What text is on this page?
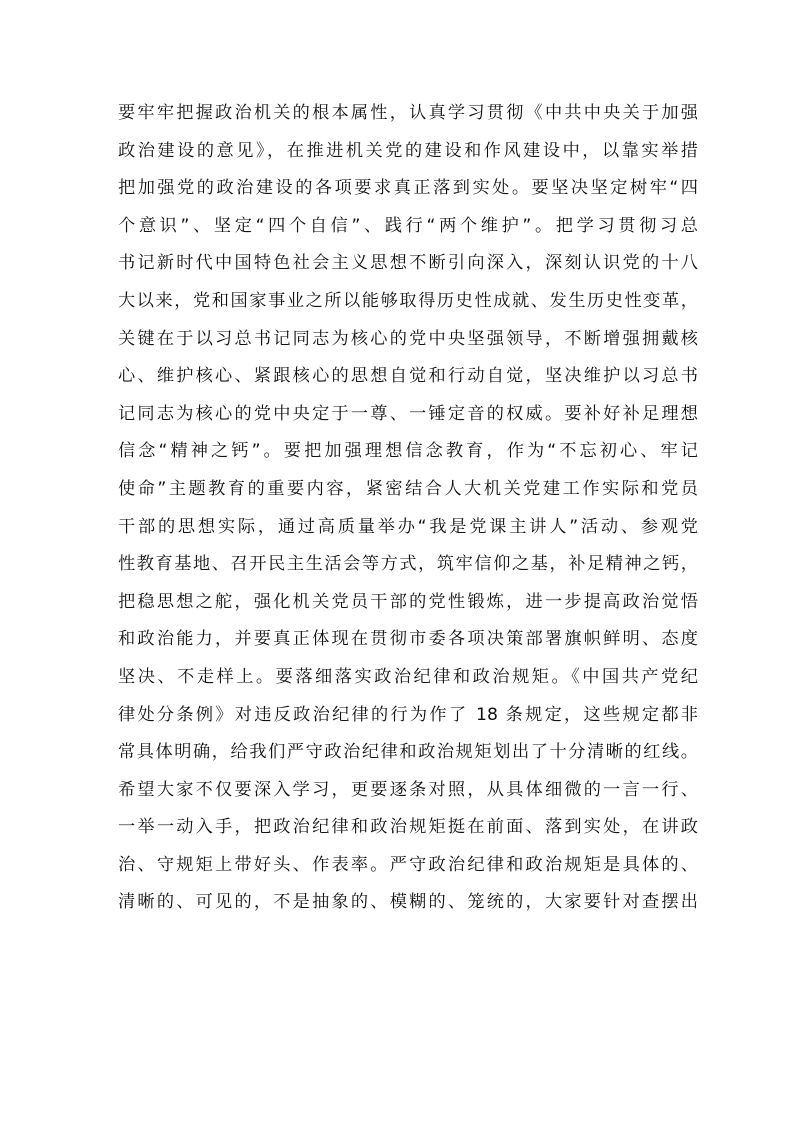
要牢牢把握政治机关的根本属性，认真学习贯彻《中共中央关于加强
政治建设的意见》，在推进机关党的建设和作风建设中，以靠实举措
把加强党的政治建设的各项要求真正落到实处。要坚决坚定树牢“四
个意识”、坚定“四个自信”、践行“两个维护”。把学习贯彻习总
书记新时代中国特色社会主义思想不断引向深入，深刻认识党的十八
大以来，党和国家事业之所以能够取得历史性成就、发生历史性变革，
关键在于以习总书记同志为核心的党中央坚强领导，不断增强拥戴核
心、维护核心、紧跟核心的思想自觉和行动自觉，坚决维护以习总书
记同志为核心的党中央定于一尊、一锤定音的权威。要补好补足理想
信念“精神之钙”。要把加强理想信念教育，作为“不忘初心、牢记
使命”主题教育的重要内容，紧密结合人大机关党建工作实际和党员
干部的思想实际，通过高质量举办“我是党课主讲人”活动、参观党
性教育基地、召开民主生活会等方式，筑牢信仰之基，补足精神之钙，
把稳思想之舵，强化机关党员干部的党性锻炼，进一步提高政治觉悟
和政治能力，并要真正体现在贯彻市委各项决策部署旗帜鲜明、态度
坚决、不走样上。要落细落实政治纪律和政治规矩。《中国共产党纪
律处分条例》对违反政治纪律的行为作了 18 条规定，这些规定都非
常具体明确，给我们严守政治纪律和政治规矩划出了十分清晰的红线。
希望大家不仅要深入学习，更要逐条对照，从具体细微的一言一行、
一举一动入手，把政治纪律和政治规矩挺在前面、落到实处，在讲政
治、守规矩上带好头、作表率。严守政治纪律和政治规矩是具体的、
清晰的、可见的，不是抽象的、模糊的、笼统的，大家要针对查摆出
